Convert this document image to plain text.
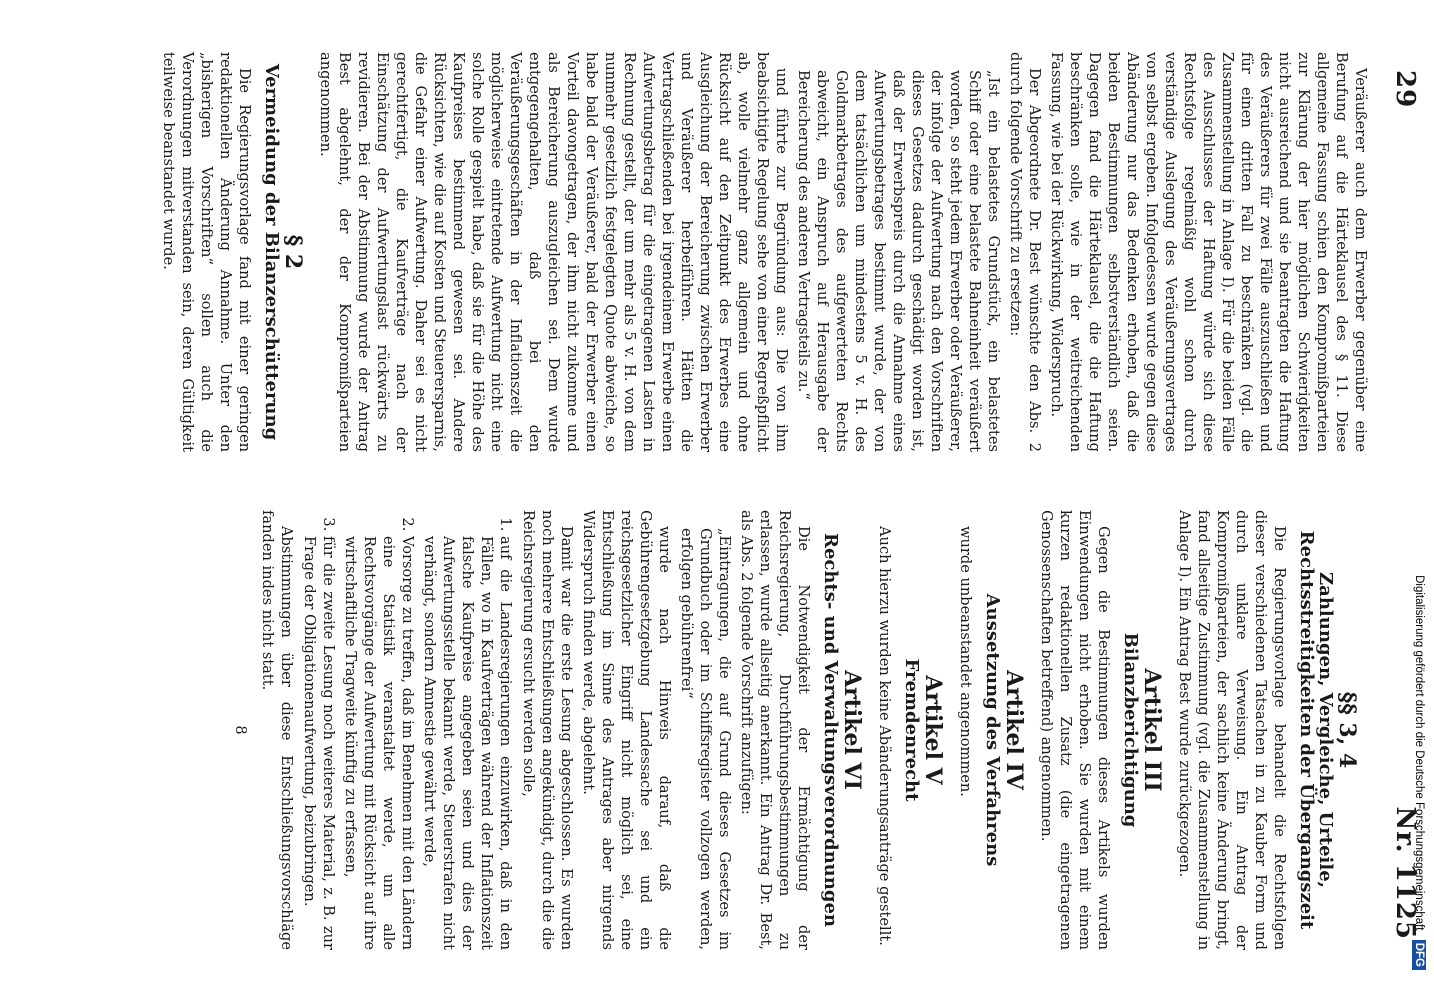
29

Veräußerer auch dem Erwerber gegenüber eine Berufung auf die Härteklausel des § 11. Diese allgemeine Fassung schien den Kompromißparteien zur Klärung der hier möglichen Schwierigkeiten nicht ausreichend und sie beantragten die Haftung des Veräußerers für zwei Fälle auszuschließen und für einen dritten Fall zu beschränken (vgl. die Zusammenstellung in Anlage I). Für die beiden Fälle des Ausschlusses der Haftung würde sich diese Rechtsfolge regelmäßig wohl schon durch verständige Auslegung des Veräußerungsvertrages von selbst ergeben. Infolgedessen wurde gegen diese Abänderung nur das Bedenken erhoben, daß die beiden Bestimmungen selbstverständlich seien. Dagegen fand die Härteklausel, die die Haftung beschränken solle, wie in der weitreichenden Fassung, wie bei der Rückwirkung, Widerspruch.

Der Abgeordnete Dr. Best wünschte den Abs. 2 durch folgende Vorschrift zu ersetzen:

„Ist ein belastetes Grundstück, ein belastetes Schiff oder eine belastete Bahneinheit veräußert worden, so steht jedem Erwerber oder Veräußerer, der infolge der Aufwertung nach den Vorschriften dieses Gesetzes dadurch geschädigt worden ist, daß der Erwerbspreis durch die Annahme eines Aufwertungsbetrages bestimmt wurde, der von dem tatsächlichen um mindestens 5 v. H. des Goldmarkbetrages des aufgewerteten Rechts abweicht, ein Anspruch auf Herausgabe der Bereicherung des anderen Vertragsteils zu.“

und führte zur Begründung aus: Die von ihm beabsichtigte Regelung sehe von einer Regreßpflicht ab, wolle vielmehr ganz allgemein und ohne Rücksicht auf den Zeitpunkt des Erwerbes eine Ausgleichung der Bereicherung zwischen Erwerber und Veräußerer herbeiführen. Hätten die Vertragschließenden bei irgendeinem Erwerbe einen Aufwertungsbetrag für die eingetragenen Lasten in Rechnung gestellt, der um mehr als 5 v. H. von dem nunmehr gesetzlich festgelegten Quote abweiche, so habe bald der Veräußerer, bald der Erwerber einen Vorteil davongetragen, der ihm nicht zukomme und als Bereicherung auszugleichen sei. Dem wurde entgegengehalten, daß bei den Veräußerungsgeschäften in der Inflationszeit die möglicherweise eintretende Aufwertung nicht eine solche Rolle gespielt habe, daß sie für die Höhe des Kaufpreises bestimmend gewesen sei. Andere Rücksichten, wie die auf Kosten und Steuerersparnis, die Gefahr einer Aufwertung. Daher sei es nicht gerechtfertigt, die Kaufverträge nach der Einschätzung der Aufwertungslast rückwärts zu revidieren. Bei der Abstimmung wurde der Antrag Best abgelehnt, der der Kompromißparteien angenommen.

§ 2
Vermeidung der Bilanzerschütterung

Die Regierungsvorlage fand mit einer geringen redaktionellen Änderung Annahme. Unter den „bisherigen Vorschriften“ sollen auch die Verordnungen mitverstanden sein, deren Gültigkeit teilweise beanstandet wurde.

Nr. 1125
§§ 3, 4
Zahlungen, Vergleiche, Urteile, Rechtsstreitigkeiten der Übergangszeit

Die Regierungsvorlage behandelt die Rechtsfolgen dieser verschiedenen Tatsachen in zu Kauber Form und durch unklare Verweisung. Ein Antrag der Kompromißparteien, der sachlich keine Änderung bringt, fand allseitige Zustimmung (vgl. die Zusammenstellung in Anlage I). Ein Antrag Best wurde zurückgezogen.

Artikel III
Bilanzberichtigung

Gegen die Bestimmungen dieses Artikels wurden Einwendungen nicht erhoben. Sie wurden mit einem kurzen redaktionellen Zusatz (die eingetragenen Genossenschaften betreffend) angenommen.

Artikel IV
Aussetzung des Verfahrens

wurde unbeanstandet angenommen.

Artikel V
Fremdenrecht

Auch hierzu wurden keine Abänderungsanträge gestellt.

Artikel VI
Rechts- und Verwaltungsverordnungen

Die Notwendigkeit der Ermächtigung der Reichsregierung, Durchführungsbestimmungen zu erlassen, wurde allseitig anerkannt. Ein Antrag Dr. Best, als Abs. 2 folgende Vorschrift anzufügen:

„Eintragungen, die auf Grund dieses Gesetzes im Grundbuch oder im Schiffsregister vollzogen werden, erfolgen gebührenfrei“

wurde nach Hinweis darauf, daß die Gebührengesetzgebung Landessache sei und ein reichsgesetzlicher Eingriff nicht möglich sei, eine Entschließung im Sinne des Antrages aber nirgends Widerspruch finden werde, abgelehnt.

Damit war die erste Lesung abgeschlossen. Es wurden noch mehrere Entschließungen angekündigt, durch die die Reichsregierung ersucht werden solle,

1. auf die Landesregierungen einzuwirken, daß in den Fällen, wo in Kaufverträgen während der Inflationszeit falsche Kaufpreise angegeben seien und dies der Aufwertungsstelle bekannt werde, Steuerstrafen nicht verhängt, sondern Amnestie gewährt werde,
2. Vorsorge zu treffen, daß im Benehmen mit den Ländern eine Statistik veranstaltet werde, um alle Rechtsvorgänge der Aufwertung mit Rücksicht auf ihre wirtschaftliche Tragweite künftig zu erfassen,
3. für die zweite Lesung noch weiteres Material, z. B. zur Frage der Obligationenaufwertung, beizubringen.

Abstimmungen über diese Entschließungsvorschläge fanden indes nicht statt.

8	Digitalisierung gefördert durch die Deutsche Forschungsgemeinschaft DFG
